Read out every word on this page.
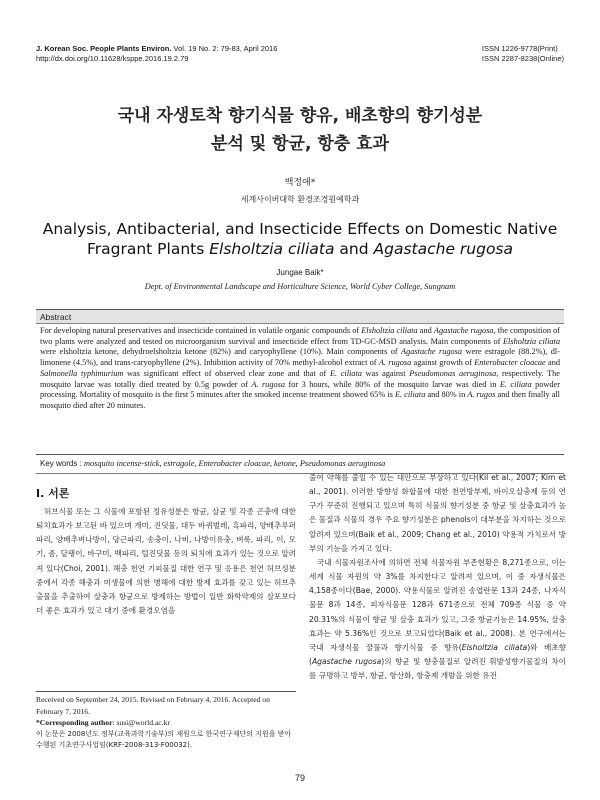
J. Korean Soc. People Plants Environ. Vol. 19 No. 2: 79-83, April 2016
http://dx.doi.org/10.11628/ksppe.2016.19.2.79
ISSN 1226-9778(Print)
ISSN 2287-8238(Online)
국내 자생토착 향기식물 향유, 배초향의 향기성분
분석 및 항균, 항충 효과
백정애*
세계사이버대학 환경조경원예학과
Analysis, Antibacterial, and Insecticide Effects on Domestic Native
Fragrant Plants Elsholtzia ciliata and Agastache rugosa
Jungae Baik*
Dept. of Environmental Landscape and Horticulture Science, World Cyber College, Sungnam
Abstract
For developing natural preservatives and insecticide contained in volatile organic compounds of Elsholtzia ciliata and Agastache rugosa, the composition of two plants were analyzed and tested on microorganism survival and insecticide effect from TD-GC-MSD analysis. Main components of Elsholtzia ciliata were elsholtzia ketone, dehydroelsholtzia ketone (82%) and caryophyllene (10%). Main components of Agastache rugosa were estragole (88.2%), dl-limonene (4.5%), and trans-caryophyllene (2%). Inhibition activity of 70% methyl-alcohol extract of A. rugosa against growth of Enterobacter cloacae and Salmonella typhimurium was significant effect of observed clear zone and that of E. ciliata was against Pseudomonas aeruginosa, respectively. The mosquito larvae was totally died treated by 0.5g powder of A. rugosa for 3 hours, while 80% of the mosquito larvae was died in E. ciliata powder processing. Mortality of mosquito is the first 5 minutes after the smoked incense treatment showed 65% is E. ciliata and 80% in A. rugos and then finally all mosquito died after 20 minutes.
Key words : mosquito incense-stick, estragole, Enterobacter cloacae, ketone, Pseudomonas aeruginosa
Ⅰ. 서론

허브식물 또는 그 식물에 포함된 정유성분은 항균, 살균 및 각종 곤충에 대한 퇴치효과가 보고된 바 있으며 개미, 진딧물, 대두 바퀴벌레, 흑파리, 양배추루퍼파리, 양배추벼나방이, 당근파리, 송충이, 나비, 나방이유충, 벼룩, 파리, 이, 모기, 좀, 달팽이, 바구미, 백파리, 털진딧물 등의 퇴치에 효과가 있는 것으로 알려져 있다(Choi, 2001). 해충 천연 기피물질 대한 연구 및 응용은 천연 허브성분 중에서 각종 해충과 미생물에 의한 병해에 대한 방제 효과를 갖고 있는 허브추출물을 추출하여 살충과 항균으로 방제하는 방법이 일반 화학약제의 살포보다 더 좋은 효과가 있고 대기 중에 환경오염을

줄여 약해를 줄일 수 있는 대안으로 부상하고 있다(Kil et al., 2007; Kim et al., 2001). 이러한 방향성 화합물에 대한 천연방부제, 바이오살충제 등의 연구가 꾸준히 진행되고 있으며 특히 식물의 향기성분 중 항균 및 살충효과가 높은 물질과 식물의 경우 주요 향기성분은 phenols이 대부분을 차지하는 것으로 알려져 있으며(Baik et al., 2009; Chang et al., 2010) 약용적 가치로서 방부의 기능을 가지고 있다.

국내 식물자원조사에 의하면 전체 식물자원 부존현황은 8,271종으로, 이는 세계 식물 자원의 약 3%를 차지한다고 알려져 있으며, 이 중 자생식물은 4,158종이다(Bae, 2000). 약용식물로 알려진 송엽란문 13과 24종, 나자식물문 8과 14종, 피자식물문 128과 671종으로 전체 709종 식물 중 약 20.31%의 식물이 향균 및 살충 효과가 있고, 그중 항균기능은 14.95%, 살충효과는 약 5.36%인 것으로 보고되었다(Baik et al., 2008). 본 연구에서는 국내 자생식물 꿀풀과 향기식물 중 향유(Elsholtzia ciliata)와 배초향(Agastache rugosa)의 향균 및 향충물질로 알려진 휘발성향기물질의 차이를 규명하고 방부, 항균, 항산화, 항충제 개발을 위한 유전

Received on September 24, 2015. Revised on February 4, 2016. Accepted on February 7, 2016.
*Corresponding author: susi@world.ac.kr
이 논문은 2008년도 정부(교육과학기술부)의 재원으로 한국연구재단의 지원을 받아 수행된 기초연구사업임(KRF-2008-313-F00032).
79
